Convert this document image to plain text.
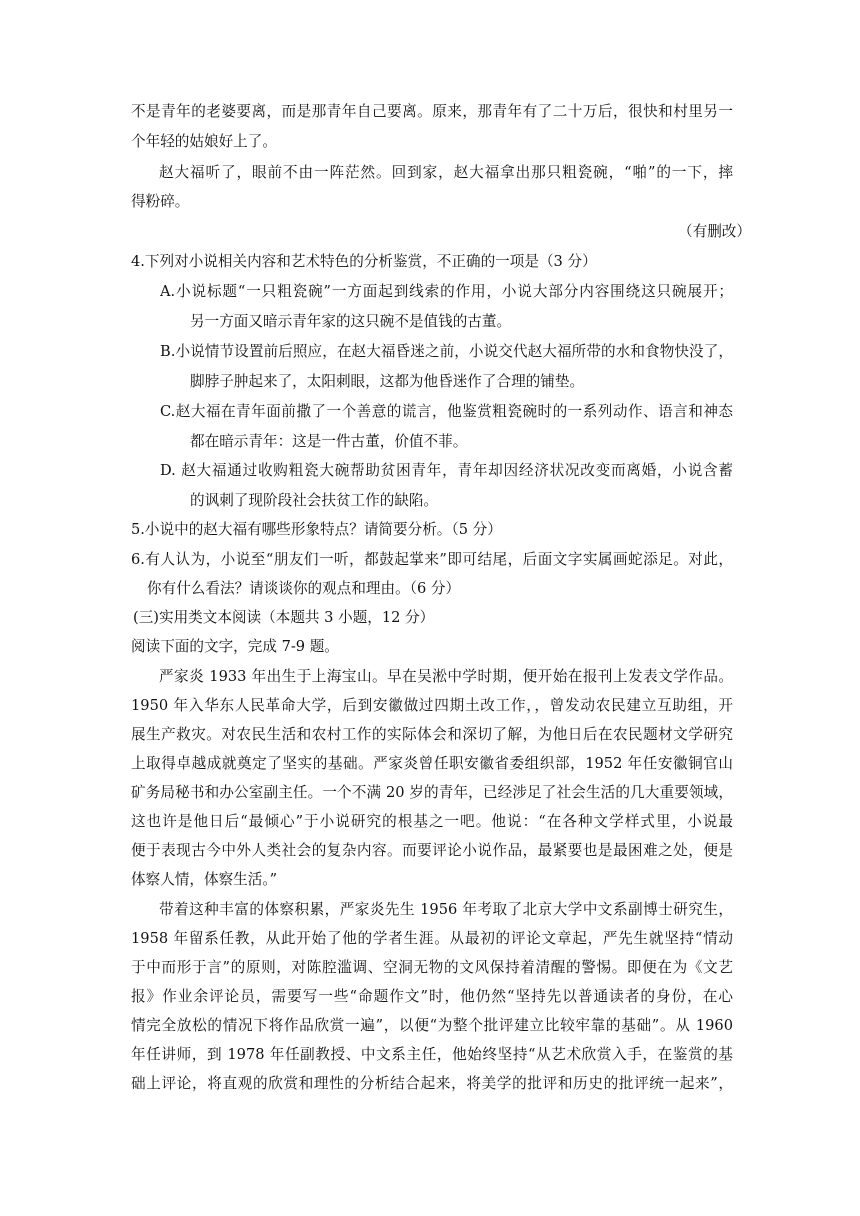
不是青年的老婆要离，而是那青年自己要离。原来，那青年有了二十万后，很快和村里另一
个年轻的姑娘好上了。
赵大福听了，眼前不由一阵茫然。回到家，赵大福拿出那只粗瓷碗，“啪”的一下，摔
得粉碎。
（有删改）
4.下列对小说相关内容和艺术特色的分析鉴赏，不正确的一项是（3 分）
A.小说标题“一只粗瓷碗”一方面起到线索的作用，小说大部分内容围绕这只碗展开；
另一方面又暗示青年家的这只碗不是值钱的古董。
B.小说情节设置前后照应，在赵大福昏迷之前，小说交代赵大福所带的水和食物快没了，
脚脖子肿起来了，太阳刺眼，这都为他昏迷作了合理的铺垫。
C.赵大福在青年面前撒了一个善意的谎言，他鉴赏粗瓷碗时的一系列动作、语言和神态
都在暗示青年：这是一件古董，价值不菲。
D. 赵大福通过收购粗瓷大碗帮助贫困青年，青年却因经济状况改变而离婚，小说含蓄
的讽刺了现阶段社会扶贫工作的缺陷。
5.小说中的赵大福有哪些形象特点？请简要分析。（5 分）
6.有人认为，小说至“朋友们一听，都鼓起掌来”即可结尾，后面文字实属画蛇添足。对此，
你有什么看法？请谈谈你的观点和理由。（6 分）
(三)实用类文本阅读（本题共 3 小题，12 分）
阅读下面的文字，完成 7-9 题。
严家炎 1933 年出生于上海宝山。早在吴淞中学时期，便开始在报刊上发表文学作品。
1950 年入华东人民革命大学，后到安徽做过四期土改工作，，曾发动农民建立互助组，开
展生产救灾。对农民生活和农村工作的实际体会和深切了解，为他日后在农民题材文学研究
上取得卓越成就奠定了坚实的基础。严家炎曾任职安徽省委组织部，1952 年任安徽铜官山
矿务局秘书和办公室副主任。一个不满 20 岁的青年，已经涉足了社会生活的几大重要领域，
这也许是他日后“最倾心”于小说研究的根基之一吧。他说：“在各种文学样式里，小说最
便于表现古今中外人类社会的复杂内容。而要评论小说作品，最紧要也是最困难之处，便是
体察人情，体察生活。”
带着这种丰富的体察积累，严家炎先生 1956 年考取了北京大学中文系副博士研究生，
1958 年留系任教，从此开始了他的学者生涯。从最初的评论文章起，严先生就坚持“情动
于中而形于言”的原则，对陈腔滥调、空洞无物的文风保持着清醒的警惕。即便在为《文艺
报》作业余评论员，需要写一些“命题作文”时，他仍然“坚持先以普通读者的身份，在心
情完全放松的情况下将作品欣赏一遍”，以便“为整个批评建立比较牢靠的基础”。从 1960
年任讲师，到 1978 年任副教授、中文系主任，他始终坚持“从艺术欣赏入手，在鉴赏的基
础上评论，将直观的欣赏和理性的分析结合起来，将美学的批评和历史的批评统一起来”，
